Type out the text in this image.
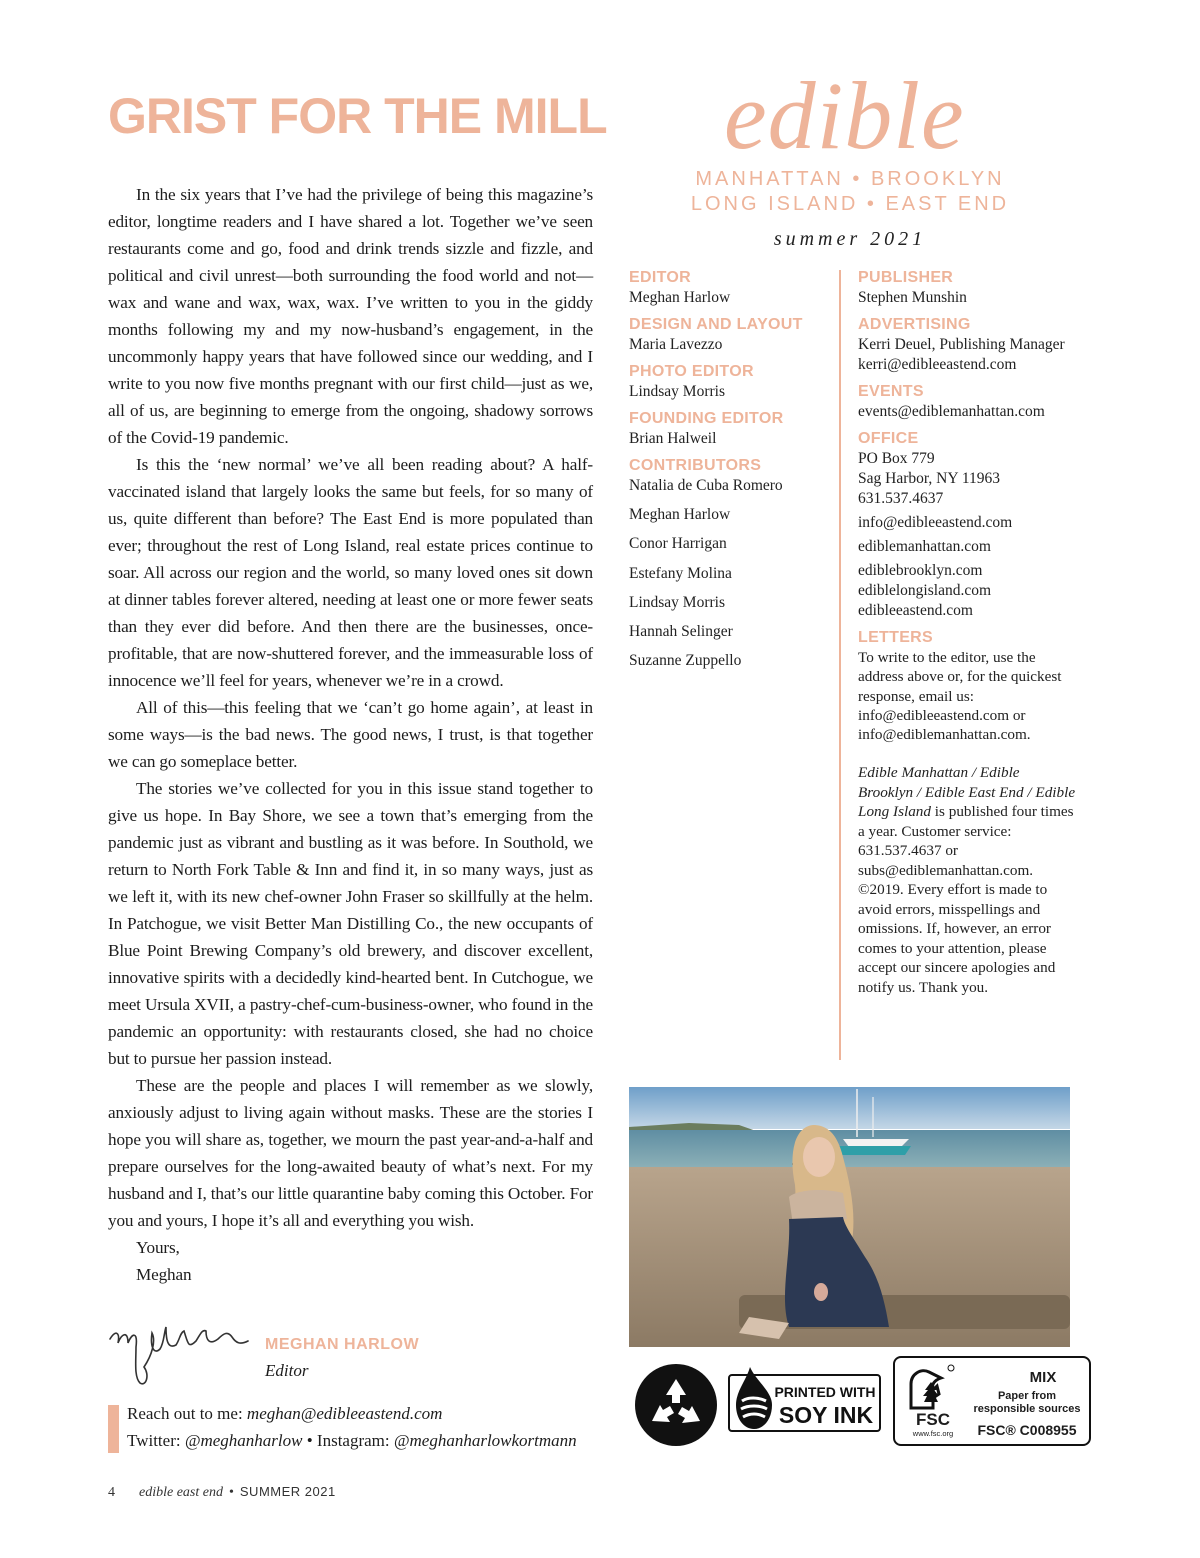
GRIST FOR THE MILL

In the six years that I’ve had the privilege of being this magazine’s editor, longtime readers and I have shared a lot. Together we’ve seen restaurants come and go, food and drink trends sizzle and fizzle, and political and civil unrest—both surrounding the food world and not—wax and wane and wax, wax, wax. I’ve written to you in the giddy months following my and my now-husband’s engagement, in the uncommonly happy years that have followed since our wedding, and I write to you now five months pregnant with our first child—just as we, all of us, are beginning to emerge from the ongoing, shadowy sorrows of the Covid-19 pandemic.

Is this the ‘new normal’ we’ve all been reading about? A half-vaccinated island that largely looks the same but feels, for so many of us, quite different than before? The East End is more populated than ever; throughout the rest of Long Island, real estate prices continue to soar. All across our region and the world, so many loved ones sit down at dinner tables forever altered, needing at least one or more fewer seats than they ever did before. And then there are the businesses, once-profitable, that are now-shuttered forever, and the immeasurable loss of innocence we’ll feel for years, whenever we’re in a crowd.

All of this—this feeling that we ‘can’t go home again’, at least in some ways—is the bad news. The good news, I trust, is that together we can go someplace better.

The stories we’ve collected for you in this issue stand together to give us hope. In Bay Shore, we see a town that’s emerging from the pandemic just as vibrant and bustling as it was before. In Southold, we return to North Fork Table & Inn and find it, in so many ways, just as we left it, with its new chef-owner John Fraser so skillfully at the helm. In Patchogue, we visit Better Man Distilling Co., the new occupants of Blue Point Brewing Company’s old brewery, and discover excellent, innovative spirits with a decidedly kind-hearted bent. In Cutchogue, we meet Ursula XVII, a pastry-chef-cum-business-owner, who found in the pandemic an opportunity: with restaurants closed, she had no choice but to pursue her passion instead.

These are the people and places I will remember as we slowly, anxiously adjust to living again without masks. These are the stories I hope you will share as, together, we mourn the past year-and-a-half and prepare ourselves for the long-awaited beauty of what’s next. For my husband and I, that’s our little quarantine baby coming this October. For you and yours, I hope it’s all and everything you wish.

Yours,
Meghan
MEGHAN HARLOW
Editor
Reach out to me: meghan@edibleeastend.com
Twitter: @meghanharlow • Instagram: @meghanharlowkortmann
4 edible east end • SUMMER 2021
edible
MANHATTAN • BROOKLYN
LONG ISLAND • EAST END
summer 2021
EDITOR
Meghan Harlow
DESIGN AND LAYOUT
Maria Lavezzo
PHOTO EDITOR
Lindsay Morris
FOUNDING EDITOR
Brian Halweil
CONTRIBUTORS
Natalia de Cuba Romero
Meghan Harlow
Conor Harrigan
Estefany Molina
Lindsay Morris
Hannah Selinger
Suzanne Zuppello
PUBLISHER
Stephen Munshin
ADVERTISING
Kerri Deuel, Publishing Manager
kerri@edibleeastend.com
EVENTS
events@ediblemanhattan.com
OFFICE
PO Box 779
Sag Harbor, NY 11963
631.537.4637
info@edibleeastend.com
ediblemanhattan.com
ediblebrooklyn.com
ediblelongisland.com
edibleeastend.com
LETTERS
To write to the editor, use the address above or, for the quickest response, email us: info@edibleeastend.com or info@ediblemanhattan.com.
Edible Manhattan / Edible Brooklyn / Edible East End / Edible Long Island is published four times a year. Customer service: 631.537.4637 or subs@ediblemanhattan.com. ©2019. Every effort is made to avoid errors, misspellings and omissions. If, however, an error comes to your attention, please accept our sincere apologies and notify us. Thank you.
PRINTED WITH
SOY INK	FSC
www.fsc.org
MIX
Paper from responsible sources
FSC® C008955
